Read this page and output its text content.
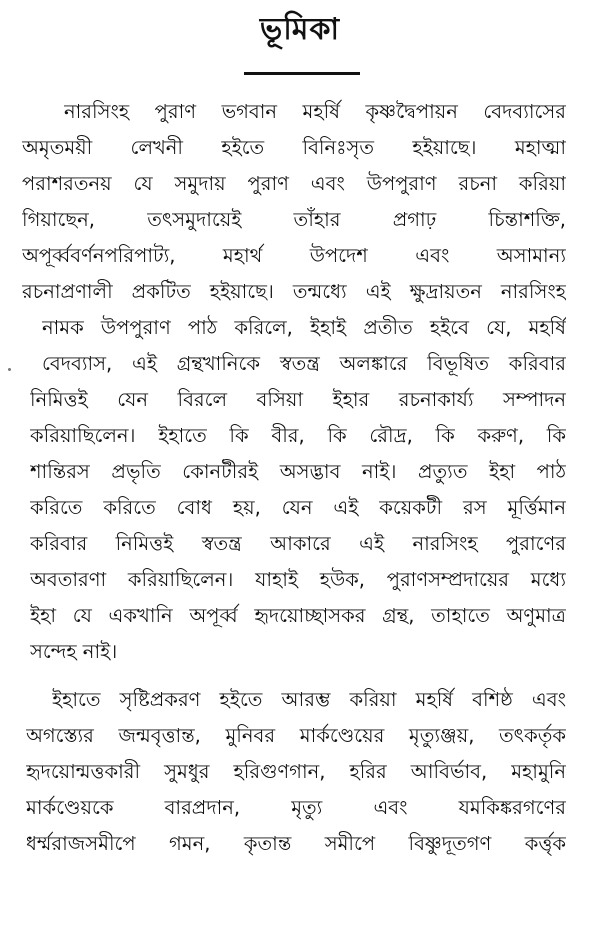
ভূমিকা

নারসিংহ পুরাণ ভগবান মহর্ষি কৃষ্ণদ্বৈপায়ন বেদব্যাসের
অমৃতময়ী লেখনী হইতে বিনিঃসৃত হইয়াছে। মহাত্মা
পরাশরতনয় যে সমুদায় পুরাণ এবং উপপুরাণ রচনা করিয়া
গিয়াছেন, তৎসমুদায়েই তাঁহার প্রগাঢ় চিন্তাশক্তি,
অপূর্ব্ববর্ণনপরিপাট্য, মহার্থ উপদেশ এবং অসামান্য
রচনাপ্রণালী প্রকটিত হইয়াছে। তন্মধ্যে এই ক্ষুদ্রায়তন নারসিংহ
নামক উপপুরাণ পাঠ করিলে, ইহাই প্রতীত হইবে যে, মহর্ষি
বেদব্যাস, এই গ্রন্থখানিকে স্বতন্ত্র অলঙ্কারে বিভূষিত করিবার
নিমিত্তই যেন বিরলে বসিয়া ইহার রচনাকার্য্য সম্পাদন
করিয়াছিলেন। ইহাতে কি বীর, কি রৌদ্র, কি করুণ, কি
শান্তিরস প্রভৃতি কোনটীরই অসদ্ভাব নাই। প্রত্যুত ইহা পাঠ
করিতে করিতে বোধ হয়, যেন এই কয়েকটী রস মূর্ত্তিমান
করিবার নিমিত্তই স্বতন্ত্র আকারে এই নারসিংহ পুরাণের
অবতারণা করিয়াছিলেন। যাহাই হউক, পুরাণসম্প্রদায়ের মধ্যে
ইহা যে একখানি অপূর্ব্ব হৃদয়োচ্ছাসকর গ্রন্থ, তাহাতে অণুমাত্র
সন্দেহ নাই।

ইহাতে সৃষ্টিপ্রকরণ হইতে আরম্ভ করিয়া মহর্ষি বশিষ্ঠ এবং
অগস্ত্যের জন্মবৃত্তান্ত, মুনিবর মার্কণ্ডেয়ের মৃত্যুঞ্জয়, তৎকর্তৃক
হৃদয়োন্মত্তকারী সুমধুর হরিগুণগান, হরির আবির্ভাব, মহামুনি
মার্কণ্ডেয়কে বারপ্রদান, মৃত্যু এবং যমকিঙ্করগণের
ধর্ম্মরাজসমীপে গমন, কৃতান্ত সমীপে বিষ্ণুদূতগণ কর্ত্তৃক
